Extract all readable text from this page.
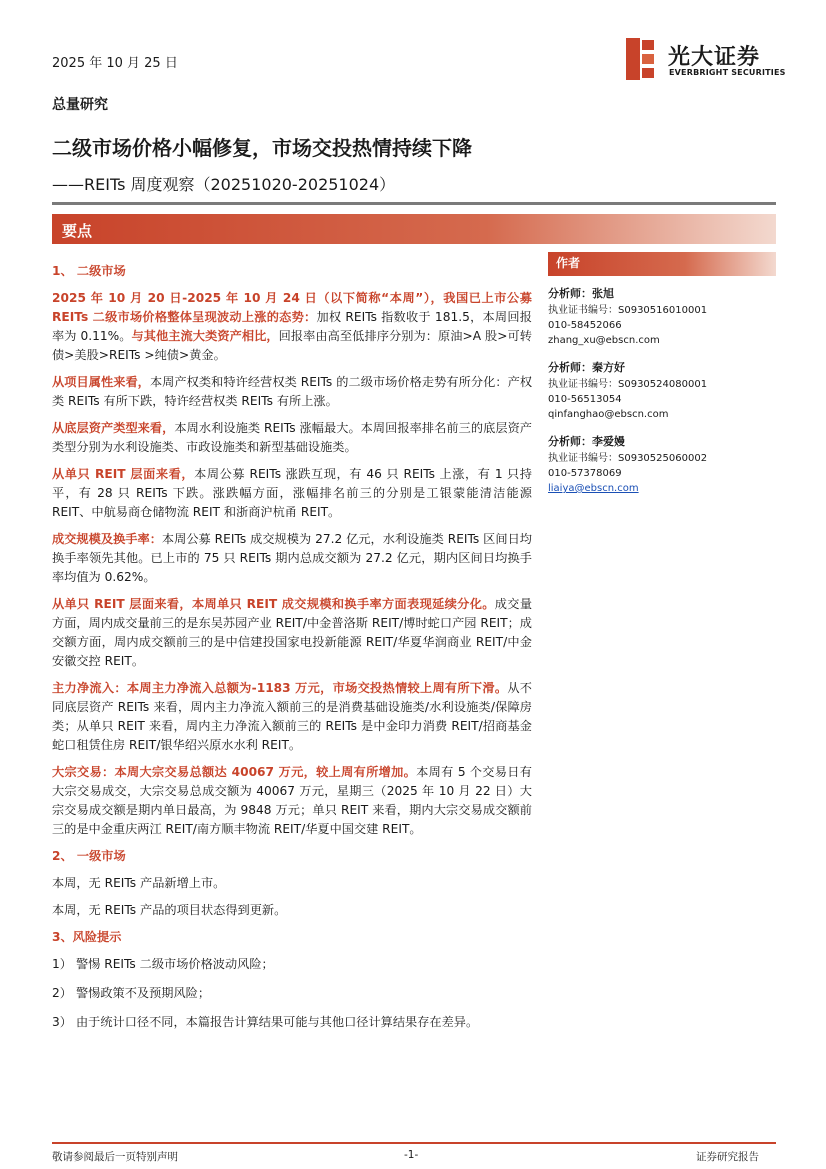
2025 年 10 月 25 日	光大证券
EVERBRIGHT SECURITIES
总量研究
二级市场价格小幅修复，市场交投热情持续下降
——REITs 周度观察（20251020-20251024）
要点
1、 二级市场

2025 年 10 月 20 日-2025 年 10 月 24 日（以下简称“本周”），我国已上市公募 REITs 二级市场价格整体呈现波动上涨的态势：加权 REITs 指数收于 181.5，本周回报率为 0.11%。与其他主流大类资产相比，回报率由高至低排序分别为：原油>A 股>可转债>美股>REITs >纯债>黄金。

从项目属性来看，本周产权类和特许经营权类 REITs 的二级市场价格走势有所分化：产权类 REITs 有所下跌，特许经营权类 REITs 有所上涨。

从底层资产类型来看，本周水利设施类 REITs 涨幅最大。本周回报率排名前三的底层资产类型分别为水利设施类、市政设施类和新型基础设施类。

从单只 REIT 层面来看，本周公募 REITs 涨跌互现，有 46 只 REITs 上涨，有 1 只持平，有 28 只 REITs 下跌。涨跌幅方面，涨幅排名前三的分别是工银蒙能清洁能源 REIT、中航易商仓储物流 REIT 和浙商沪杭甬 REIT。

成交规模及换手率：本周公募 REITs 成交规模为 27.2 亿元，水利设施类 REITs 区间日均换手率领先其他。已上市的 75 只 REITs 期内总成交额为 27.2 亿元，期内区间日均换手率均值为 0.62%。

从单只 REIT 层面来看，本周单只 REIT 成交规模和换手率方面表现延续分化。成交量方面，周内成交量前三的是东吴苏园产业 REIT/中金普洛斯 REIT/博时蛇口产园 REIT；成交额方面，周内成交额前三的是中信建投国家电投新能源 REIT/华夏华润商业 REIT/中金安徽交控 REIT。

主力净流入：本周主力净流入总额为-1183 万元，市场交投热情较上周有所下滑。从不同底层资产 REITs 来看，周内主力净流入额前三的是消费基础设施类/水利设施类/保障房类；从单只 REIT 来看，周内主力净流入额前三的 REITs 是中金印力消费 REIT/招商基金蛇口租赁住房 REIT/银华绍兴原水水利 REIT。

大宗交易：本周大宗交易总额达 40067 万元，较上周有所增加。本周有 5 个交易日有大宗交易成交，大宗交易总成交额为 40067 万元，星期三（2025 年 10 月 22 日）大宗交易成交额是期内单日最高，为 9848 万元；单只 REIT 来看，期内大宗交易成交额前三的是中金重庆两江 REIT/南方顺丰物流 REIT/华夏中国交建 REIT。

2、 一级市场

本周，无 REITs 产品新增上市。

本周，无 REITs 产品的项目状态得到更新。

3、风险提示
1） 警惕 REITs 二级市场价格波动风险；
2） 警惕政策不及预期风险；
3） 由于统计口径不同，本篇报告计算结果可能与其他口径计算结果存在差异。
作者
分析师：张旭
执业证书编号：S0930516010001
010-58452066
zhang_xu@ebscn.com
分析师：秦方好
执业证书编号：S0930524080001
010-56513054
qinfanghao@ebscn.com
分析师：李爱嫚
执业证书编号：S0930525060002
010-57378069
liaiya@ebscn.com
敬请参阅最后一页特别声明	-1-	证券研究报告
